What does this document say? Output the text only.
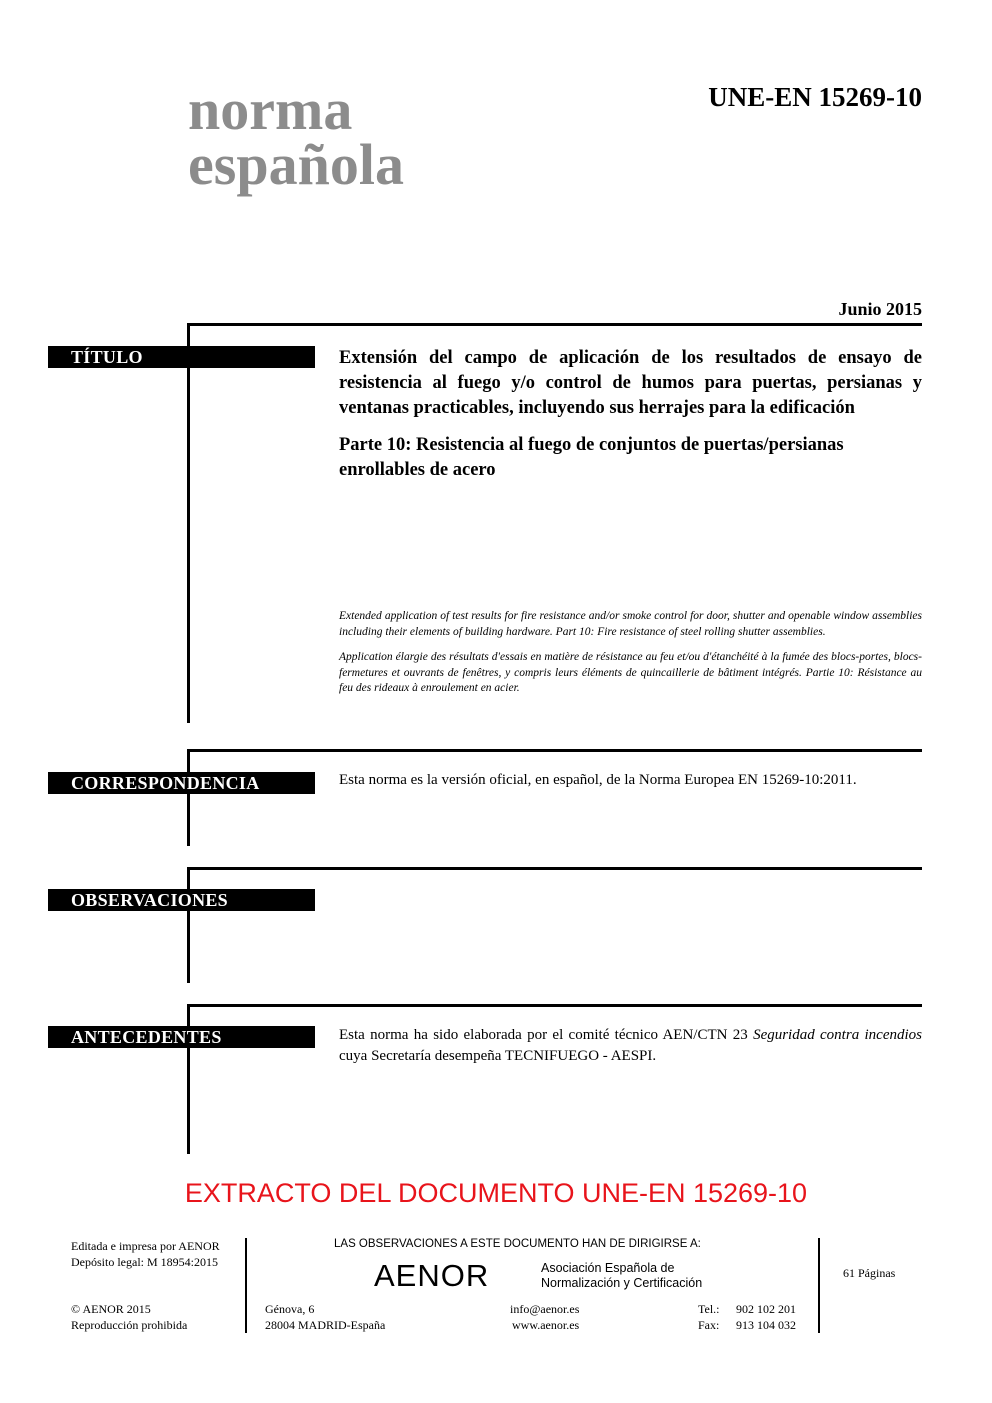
norma
española
UNE-EN 15269-10
Junio 2015
TÍTULO	Extensión del campo de aplicación de los resultados de ensayo de resistencia al fuego y/o control de humos para puertas, persianas y ventanas practicables, incluyendo sus herrajes para la edificación
Parte 10: Resistencia al fuego de conjuntos de puertas/persianas enrollables de acero
Extended application of test results for fire resistance and/or smoke control for door, shutter and openable window assemblies including their elements of building hardware. Part 10: Fire resistance of steel rolling shutter assemblies.
Application élargie des résultats d'essais en matière de résistance au feu et/ou d'étanchéité à la fumée des blocs-portes, blocs-fermetures et ouvrants de fenêtres, y compris leurs éléments de quincaillerie de bâtiment intégrés. Partie 10: Résistance au feu des rideaux à enroulement en acier.
CORRESPONDENCIA	Esta norma es la versión oficial, en español, de la Norma Europea EN 15269-10:2011.
OBSERVACIONES
ANTECEDENTES	Esta norma ha sido elaborada por el comité técnico AEN/CTN 23 Seguridad contra incendios cuya Secretaría desempeña TECNIFUEGO - AESPI.
EXTRACTO DEL DOCUMENTO UNE-EN 15269-10
Editada e impresa por AENOR
Depósito legal: M 18954:2015
© AENOR 2015
Reproducción prohibida
LAS OBSERVACIONES A ESTE DOCUMENTO HAN DE DIRIGIRSE A:
AENOR	Asociación Española de
Normalización y Certificación
Génova, 6
28004 MADRID-España
info@aenor.es
www.aenor.es
Tel.: 902 102 201
Fax: 913 104 032
61 Páginas
